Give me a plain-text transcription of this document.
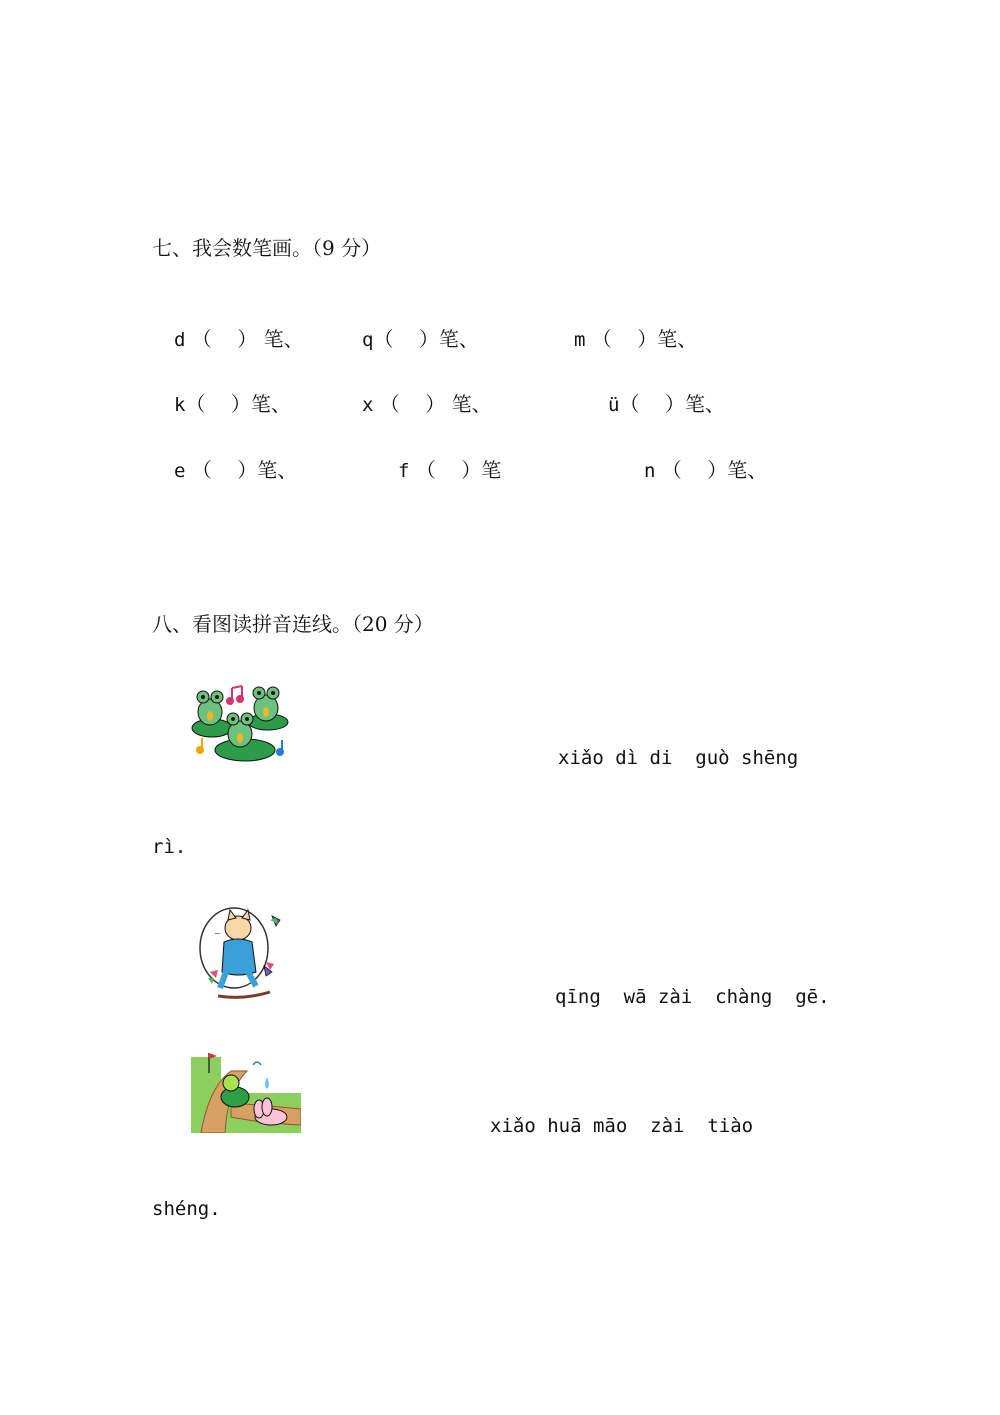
七、我会数笔画。（9 分）
d （    ） 笔、	q（    ）笔、	m （    ）笔、
k（    ）笔、	x （    ） 笔、	ü（    ）笔、
e （    ）笔、	f （    ）笔	n （    ）笔、
八、看图读拼音连线。（20 分）
xiǎo dì di  guò shēng
rì.
~
qīng  wā zài  chàng  gē.
xiǎo huā māo  zài  tiào
shéng.
